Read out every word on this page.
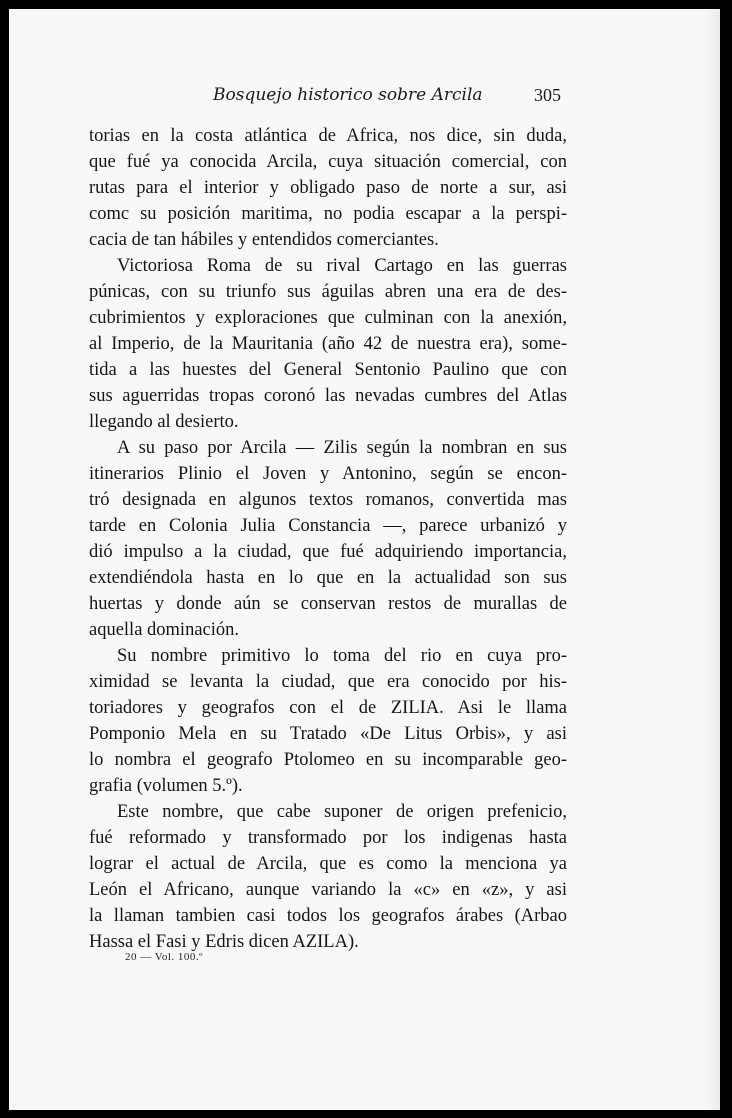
Bosquejo historico sobre Arcila	305
torias en la costa atlántica de Africa, nos dice, sin duda,
que fué ya conocida Arcila, cuya situación comercial, con
rutas para el interior y obligado paso de norte a sur, asi
comc su posición maritima, no podia escapar a la perspi-
cacia de tan hábiles y entendidos comerciantes.
Victoriosa Roma de su rival Cartago en las guerras
púnicas, con su triunfo sus águilas abren una era de des-
cubrimientos y exploraciones que culminan con la anexión,
al Imperio, de la Mauritania (año 42 de nuestra era), some-
tida a las huestes del General Sentonio Paulino que con
sus aguerridas tropas coronó las nevadas cumbres del Atlas
llegando al desierto.
A su paso por Arcila — Zilis según la nombran en sus
itinerarios Plinio el Joven y Antonino, según se encon-
tró designada en algunos textos romanos, convertida mas
tarde en Colonia Julia Constancia —, parece urbanizó y
dió impulso a la ciudad, que fué adquiriendo importancia,
extendiéndola hasta en lo que en la actualidad son sus
huertas y donde aún se conservan restos de murallas de
aquella dominación.
Su nombre primitivo lo toma del rio en cuya pro-
ximidad se levanta la ciudad, que era conocido por his-
toriadores y geografos con el de ZILIA. Asi le llama
Pomponio Mela en su Tratado «De Litus Orbis», y asi
lo nombra el geografo Ptolomeo en su incomparable geo-
grafia (volumen 5.º).
Este nombre, que cabe suponer de origen prefenicio,
fué reformado y transformado por los indigenas hasta
lograr el actual de Arcila, que es como la menciona ya
León el Africano, aunque variando la «c» en «z», y asi
la llaman tambien casi todos los geografos árabes (Arbao
Hassa el Fasi y Edris dicen AZILA).
20 — Vol. 100.º
